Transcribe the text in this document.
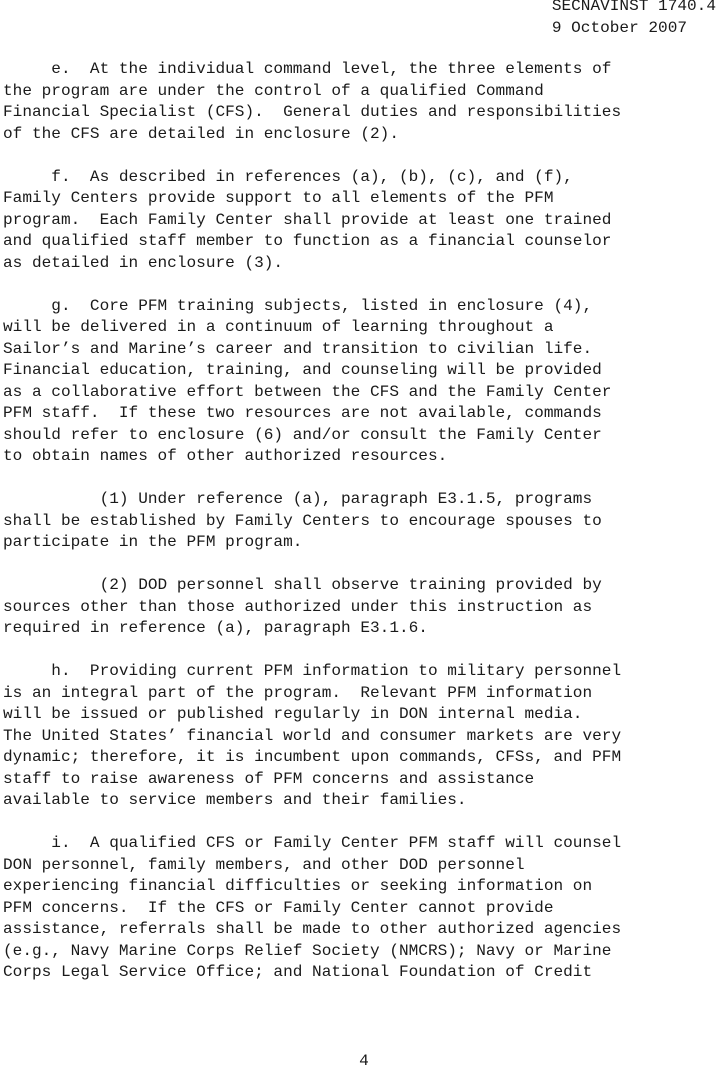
SECNAVINST 1740.4
9 October 2007
e.  At the individual command level, the three elements of
the program are under the control of a qualified Command
Financial Specialist (CFS).  General duties and responsibilities
of the CFS are detailed in enclosure (2).
f.  As described in references (a), (b), (c), and (f),
Family Centers provide support to all elements of the PFM
program.  Each Family Center shall provide at least one trained
and qualified staff member to function as a financial counselor
as detailed in enclosure (3).
g.  Core PFM training subjects, listed in enclosure (4),
will be delivered in a continuum of learning throughout a
Sailor’s and Marine’s career and transition to civilian life.
Financial education, training, and counseling will be provided
as a collaborative effort between the CFS and the Family Center
PFM staff.  If these two resources are not available, commands
should refer to enclosure (6) and/or consult the Family Center
to obtain names of other authorized resources.
(1) Under reference (a), paragraph E3.1.5, programs
shall be established by Family Centers to encourage spouses to
participate in the PFM program.
(2) DOD personnel shall observe training provided by
sources other than those authorized under this instruction as
required in reference (a), paragraph E3.1.6.
h.  Providing current PFM information to military personnel
is an integral part of the program.  Relevant PFM information
will be issued or published regularly in DON internal media.
The United States’ financial world and consumer markets are very
dynamic; therefore, it is incumbent upon commands, CFSs, and PFM
staff to raise awareness of PFM concerns and assistance
available to service members and their families.
i.  A qualified CFS or Family Center PFM staff will counsel
DON personnel, family members, and other DOD personnel
experiencing financial difficulties or seeking information on
PFM concerns.  If the CFS or Family Center cannot provide
assistance, referrals shall be made to other authorized agencies
(e.g., Navy Marine Corps Relief Society (NMCRS); Navy or Marine
Corps Legal Service Office; and National Foundation of Credit
4
